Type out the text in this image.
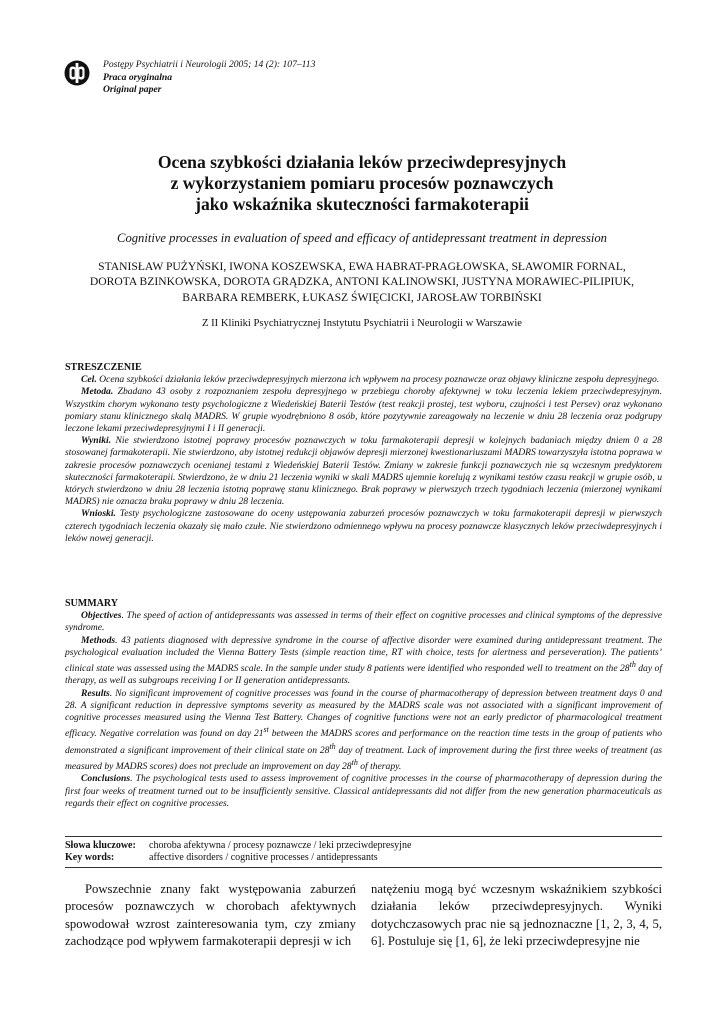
Postępy Psychiatrii i Neurologii 2005; 14 (2): 107–113
Praca oryginalna
Original paper
Ocena szybkości działania leków przeciwdepresyjnych
z wykorzystaniem pomiaru procesów poznawczych
jako wskaźnika skuteczności farmakoterapii
Cognitive processes in evaluation of speed and efficacy of antidepressant treatment in depression
STANISŁAW PUŻYŃSKI, IWONA KOSZEWSKA, EWA HABRAT-PRAGŁOWSKA, SŁAWOMIR FORNAL,
DOROTA BZINKOWSKA, DOROTA GRĄDZKA, ANTONI KALINOWSKI, JUSTYNA MORAWIEC-PILIPIUK,
BARBARA REMBERK, ŁUKASZ ŚWIĘCICKI, JAROSŁAW TORBIŃSKI
Z II Kliniki Psychiatrycznej Instytutu Psychiatrii i Neurologii w Warszawie
STRESZCZENIE

Cel. Ocena szybkości działania leków przeciwdepresyjnych mierzona ich wpływem na procesy poznawcze oraz objawy kliniczne zespołu depresyjnego.

Metoda. Zbadano 43 osoby z rozpoznaniem zespołu depresyjnego w przebiegu choroby afektywnej w toku leczenia lekiem przeciwdepresyjnym. Wszystkim chorym wykonano testy psychologiczne z Wiedeńskiej Baterii Testów (test reakcji prostej, test wyboru, czujności i test Persev) oraz wykonano pomiary stanu klinicznego skalą MADRS. W grupie wyodrębniono 8 osób, które pozytywnie zareagowały na leczenie w dniu 28 leczenia oraz podgrupy leczone lekami przeciwdepresyjnymi I i II generacji.

Wyniki. Nie stwierdzono istotnej poprawy procesów poznawczych w toku farmakoterapii depresji w kolejnych badaniach między dniem 0 a 28 stosowanej farmakoterapii. Nie stwierdzono, aby istotnej redukcji objawów depresji mierzonej kwestionariuszami MADRS towarzyszyła istotna poprawa w zakresie procesów poznawczych ocenianej testami z Wiedeńskiej Baterii Testów. Zmiany w zakresie funkcji poznawczych nie są wczesnym predyktorem skuteczności farmakoterapii. Stwierdzono, że w dniu 21 leczenia wyniki w skali MADRS ujemnie korelują z wynikami testów czasu reakcji w grupie osób, u których stwierdzono w dniu 28 leczenia istotną poprawę stanu klinicznego. Brak poprawy w pierwszych trzech tygodniach leczenia (mierzonej wynikami MADRS) nie oznacza braku poprawy w dniu 28 leczenia.

Wnioski. Testy psychologiczne zastosowane do oceny ustępowania zaburzeń procesów poznawczych w toku farmakoterapii depresji w pierwszych czterech tygodniach leczenia okazały się mało czułe. Nie stwierdzono odmiennego wpływu na procesy poznawcze klasycznych leków przeciwdepresyjnych i leków nowej generacji.

SUMMARY

Objectives. The speed of action of antidepressants was assessed in terms of their effect on cognitive processes and clinical symptoms of the depressive syndrome.

Methods. 43 patients diagnosed with depressive syndrome in the course of affective disorder were examined during antidepressant treatment. The psychological evaluation included the Vienna Battery Tests (simple reaction time, RT with choice, tests for alertness and perseveration). The patients’ clinical state was assessed using the MADRS scale. In the sample under study 8 patients were identified who responded well to treatment on the 28th day of therapy, as well as subgroups receiving I or II generation antidepressants.

Results. No significant improvement of cognitive processes was found in the course of pharmacotherapy of depression between treatment days 0 and 28. A significant reduction in depressive symptoms severity as measured by the MADRS scale was not associated with a significant improvement of cognitive processes measured using the Vienna Test Battery. Changes of cognitive functions were not an early predictor of pharmacological treatment efficacy. Negative correlation was found on day 21st between the MADRS scores and performance on the reaction time tests in the group of patients who demonstrated a significant improvement of their clinical state on 28th day of treatment. Lack of improvement during the first three weeks of treatment (as measured by MADRS scores) does not preclude an improvement on day 28th of therapy.

Conclusions. The psychological tests used to assess improvement of cognitive processes in the course of pharmacotherapy of depression during the first four weeks of treatment turned out to be insufficiently sensitive. Classical antidepressants did not differ from the new generation pharmaceuticals as regards their effect on cognitive processes.

Słowa kluczowe: choroba afektywna / procesy poznawcze / leki przeciwdepresyjne
Key words:	affective disorders / cognitive processes / antidepressants

Powszechnie znany fakt występowania zaburzeń procesów poznawczych w chorobach afektywnych spowodował wzrost zainteresowania tym, czy zmiany zachodzące pod wpływem farmakoterapii depresji w ich

natężeniu mogą być wczesnym wskaźnikiem szybkości działania leków przeciwdepresyjnych. Wyniki dotychczasowych prac nie są jednoznaczne [1, 2, 3, 4, 5, 6]. Postuluje się [1, 6], że leki przeciwdepresyjne nie
